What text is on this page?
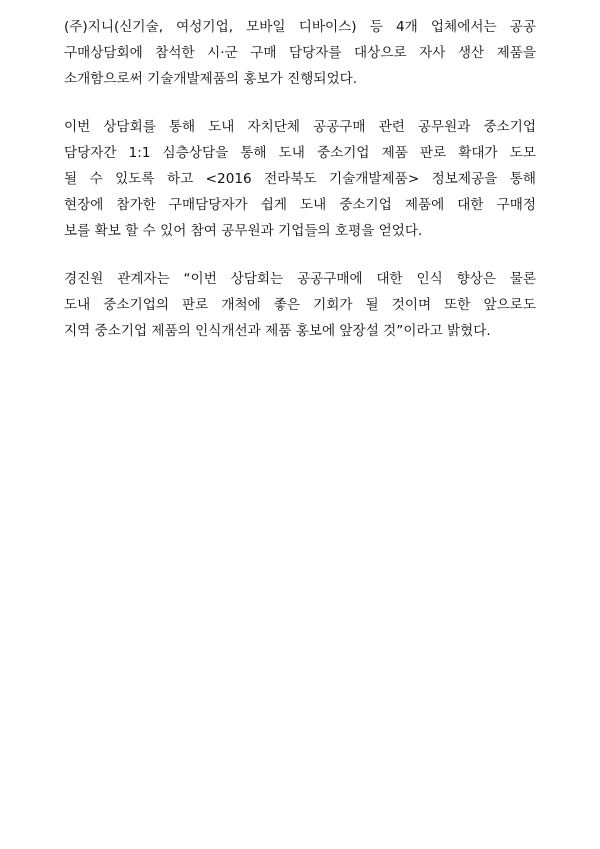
(주)지니(신기술, 여성기업, 모바일 디바이스) 등 4개 업체에서는 공공
구매상담회에 참석한 시·군 구매 담당자를 대상으로 자사 생산 제품을
소개함으로써 기술개발제품의 홍보가 진행되었다.
이번 상담회를 통해 도내 자치단체 공공구매 관련 공무원과 중소기업
담당자간 1:1 심층상담을 통해 도내 중소기업 제품 판로 확대가 도모
될 수 있도록 하고 <2016 전라북도 기술개발제품> 정보제공을 통해
현장에 참가한 구매담당자가 쉽게 도내 중소기업 제품에 대한 구매정
보를 확보 할 수 있어 참여 공무원과 기업들의 호평을 얻었다.
경진원 관계자는 “이번 상담회는 공공구매에 대한 인식 향상은 물론
도내 중소기업의 판로 개척에 좋은 기회가 될 것이며 또한 앞으로도
지역 중소기업 제품의 인식개선과 제품 홍보에 앞장설 것”이라고 밝혔다.
